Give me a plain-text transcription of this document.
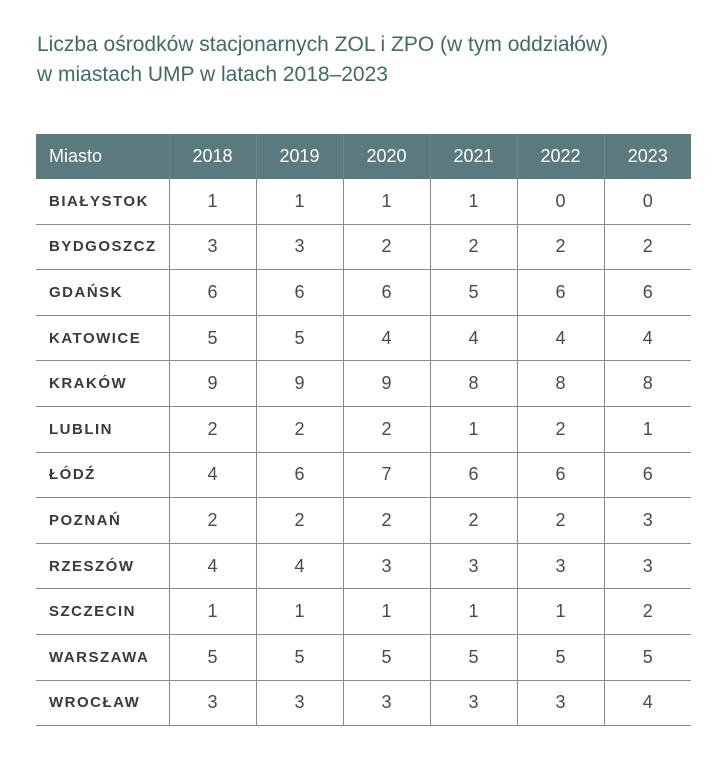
Liczba ośrodków stacjonarnych ZOL i ZPO (w tym oddziałów)
w miastach UMP w latach 2018–2023
Miasto	2018	2019	2020	2021	2022	2023
BIAŁYSTOK	1	1	1	1	0	0
BYDGOSZCZ	3	3	2	2	2	2
GDAŃSK	6	6	6	5	6	6
KATOWICE	5	5	4	4	4	4
KRAKÓW	9	9	9	8	8	8
LUBLIN	2	2	2	1	2	1
ŁÓDŹ	4	6	7	6	6	6
POZNAŃ	2	2	2	2	2	3
RZESZÓW	4	4	3	3	3	3
SZCZECIN	1	1	1	1	1	2
WARSZAWA	5	5	5	5	5	5
WROCŁAW	3	3	3	3	3	4
